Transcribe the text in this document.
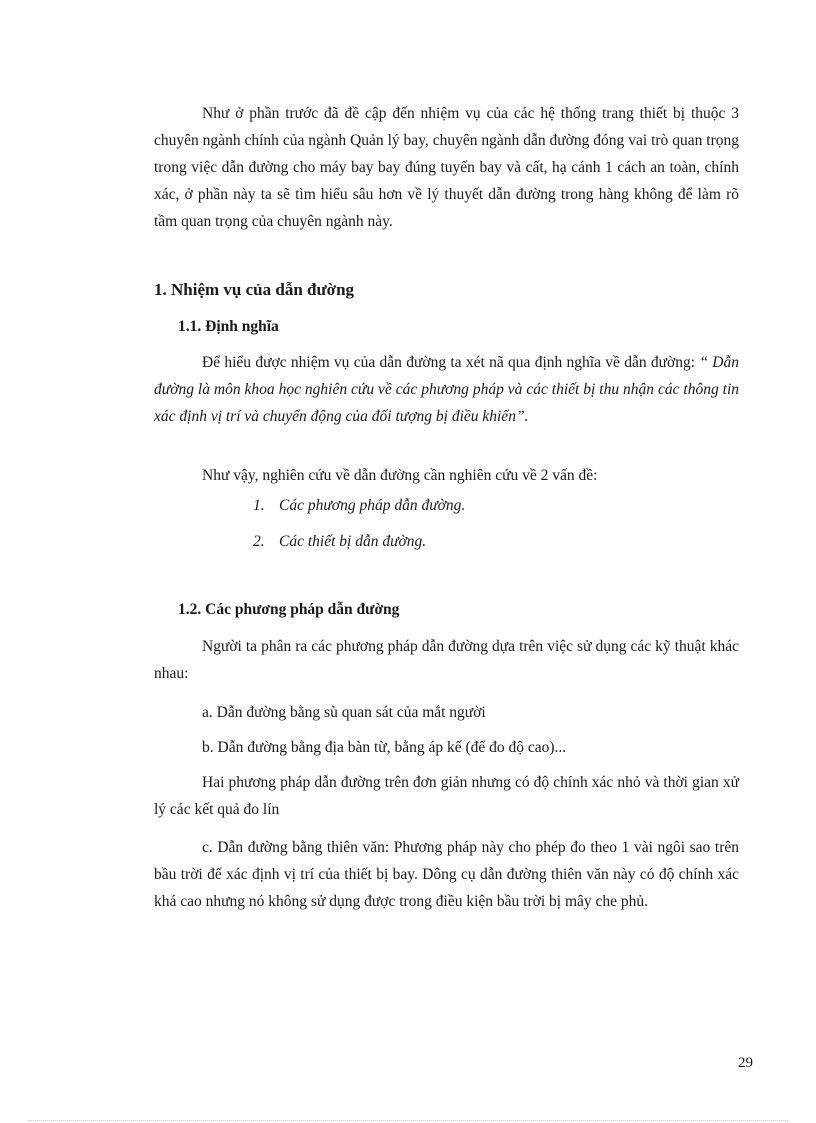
Như ở phần trước đã đề cập đến nhiệm vụ của các hệ thống trang thiết bị thuộc 3 chuyên ngành chính của ngành Quản lý bay, chuyên ngành dẫn đường đóng vai trò quan trọng trong việc dẫn đường cho máy bay bay đúng tuyến bay và cất, hạ cánh 1 cách an toàn, chính xác, ở phần này ta sẽ tìm hiểu sâu hơn về lý thuyết dẫn đường trong hàng không để làm rõ tầm quan trọng của chuyên ngành này.

1. Nhiệm vụ của dẫn đường
1.1. Định nghĩa

Để hiểu được nhiệm vụ của dẫn đường ta xét nã qua định nghĩa về dẫn đường: “ Dẫn đường là môn khoa học nghiên cứu về các phương pháp và các thiết bị thu nhận các thông tin xác định vị trí và chuyển động của đối tượng bị điều khiển”.

Như vậy, nghiên cứu về dẫn đường cần nghiên cứu về 2 vấn đề:

1. Các phương pháp dẫn đường.

2. Các thiết bị dẫn đường.

1.2. Các phương pháp dẫn đường

Người ta phân ra các phương pháp dẫn đường dựa trên việc sử dụng các kỹ thuật khác nhau:

a. Dẫn đường bằng sù quan sát của mắt người

b. Dẫn đường bằng địa bàn từ, bằng áp kế (để đo độ cao)...

Hai phương pháp dẫn đường trên đơn giản nhưng có độ chính xác nhỏ và thời gian xử lý các kết quả đo lín

c. Dẫn đường bằng thiên văn: Phương pháp này cho phép đo theo 1 vài ngôi sao trên bầu trời để xác định vị trí của thiết bị bay. Dông cụ dẫn đường thiên văn này có độ chính xác khá cao nhưng nó không sử dụng được trong điều kiện bầu trời bị mây che phủ.

29
